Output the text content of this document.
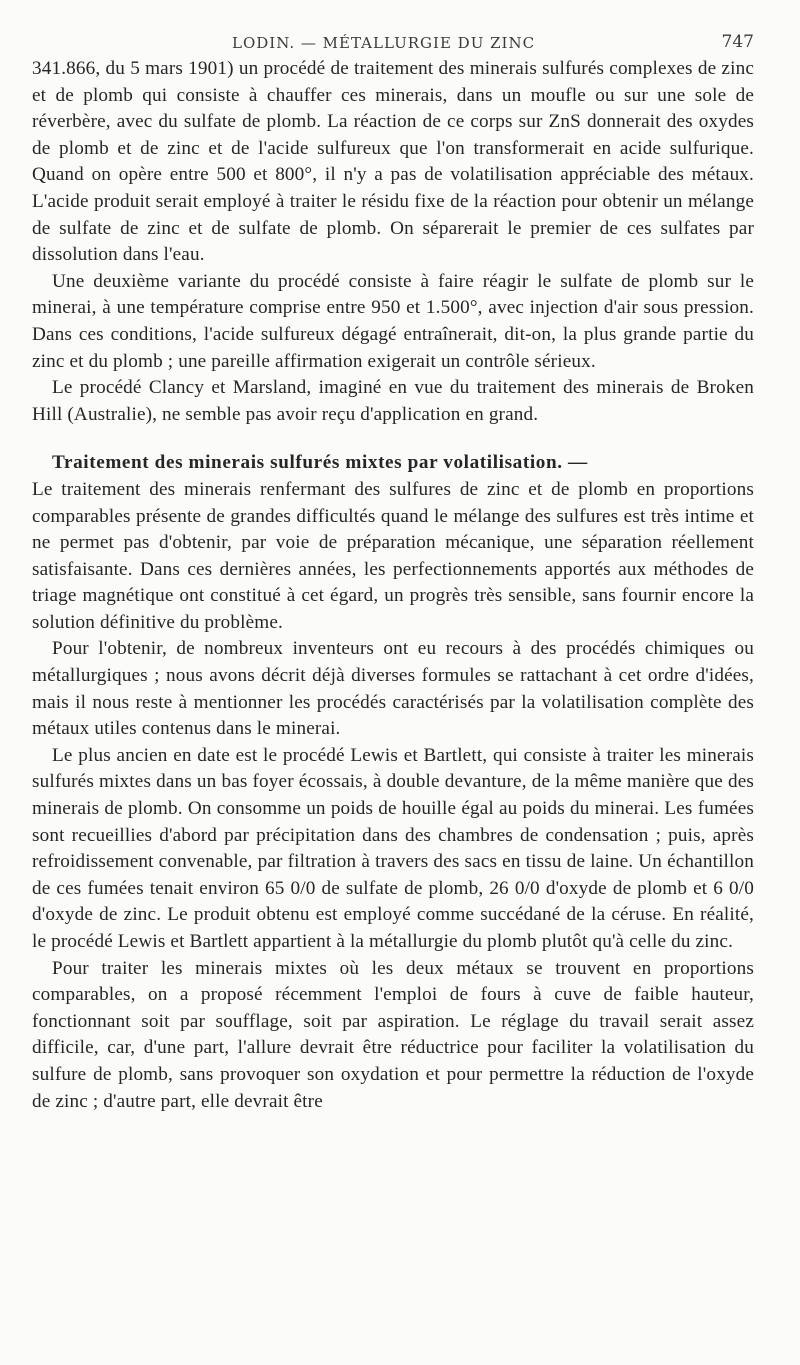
LODIN. — MÉTALLURGIE DU ZINC	747

341.866, du 5 mars 1901) un procédé de traitement des minerais sulfurés complexes de zinc et de plomb qui consiste à chauffer ces minerais, dans un moufle ou sur une sole de réverbère, avec du sulfate de plomb. La réaction de ce corps sur ZnS donnerait des oxydes de plomb et de zinc et de l'acide sulfureux que l'on transformerait en acide sulfurique. Quand on opère entre 500 et 800°, il n'y a pas de volatilisation appréciable des métaux. L'acide produit serait employé à traiter le résidu fixe de la réaction pour obtenir un mélange de sulfate de zinc et de sulfate de plomb. On séparerait le premier de ces sulfates par dissolution dans l'eau.

Une deuxième variante du procédé consiste à faire réagir le sulfate de plomb sur le minerai, à une température comprise entre 950 et 1.500°, avec injection d'air sous pression. Dans ces conditions, l'acide sulfureux dégagé entraînerait, dit-on, la plus grande partie du zinc et du plomb ; une pareille affirmation exigerait un contrôle sérieux.

Le procédé Clancy et Marsland, imaginé en vue du traitement des minerais de Broken Hill (Australie), ne semble pas avoir reçu d'application en grand.

Traitement des minerais sulfurés mixtes par volatilisation. —

Le traitement des minerais renfermant des sulfures de zinc et de plomb en proportions comparables présente de grandes difficultés quand le mélange des sulfures est très intime et ne permet pas d'obtenir, par voie de préparation mécanique, une séparation réellement satisfaisante. Dans ces dernières années, les perfectionnements apportés aux méthodes de triage magnétique ont constitué à cet égard, un progrès très sensible, sans fournir encore la solution définitive du problème.

Pour l'obtenir, de nombreux inventeurs ont eu recours à des procédés chimiques ou métallurgiques ; nous avons décrit déjà diverses formules se rattachant à cet ordre d'idées, mais il nous reste à mentionner les procédés caractérisés par la volatilisation complète des métaux utiles contenus dans le minerai.

Le plus ancien en date est le procédé Lewis et Bartlett, qui consiste à traiter les minerais sulfurés mixtes dans un bas foyer écossais, à double devanture, de la même manière que des minerais de plomb. On consomme un poids de houille égal au poids du minerai. Les fumées sont recueillies d'abord par précipitation dans des chambres de condensation ; puis, après refroidissement convenable, par filtration à travers des sacs en tissu de laine. Un échantillon de ces fumées tenait environ 65 0/0 de sulfate de plomb, 26 0/0 d'oxyde de plomb et 6 0/0 d'oxyde de zinc. Le produit obtenu est employé comme succédané de la céruse. En réalité, le procédé Lewis et Bartlett appartient à la métallurgie du plomb plutôt qu'à celle du zinc.

Pour traiter les minerais mixtes où les deux métaux se trouvent en proportions comparables, on a proposé récemment l'emploi de fours à cuve de faible hauteur, fonctionnant soit par soufflage, soit par aspiration. Le réglage du travail serait assez difficile, car, d'une part, l'allure devrait être réductrice pour faciliter la volatilisation du sulfure de plomb, sans provoquer son oxydation et pour permettre la réduction de l'oxyde de zinc ; d'autre part, elle devrait être
